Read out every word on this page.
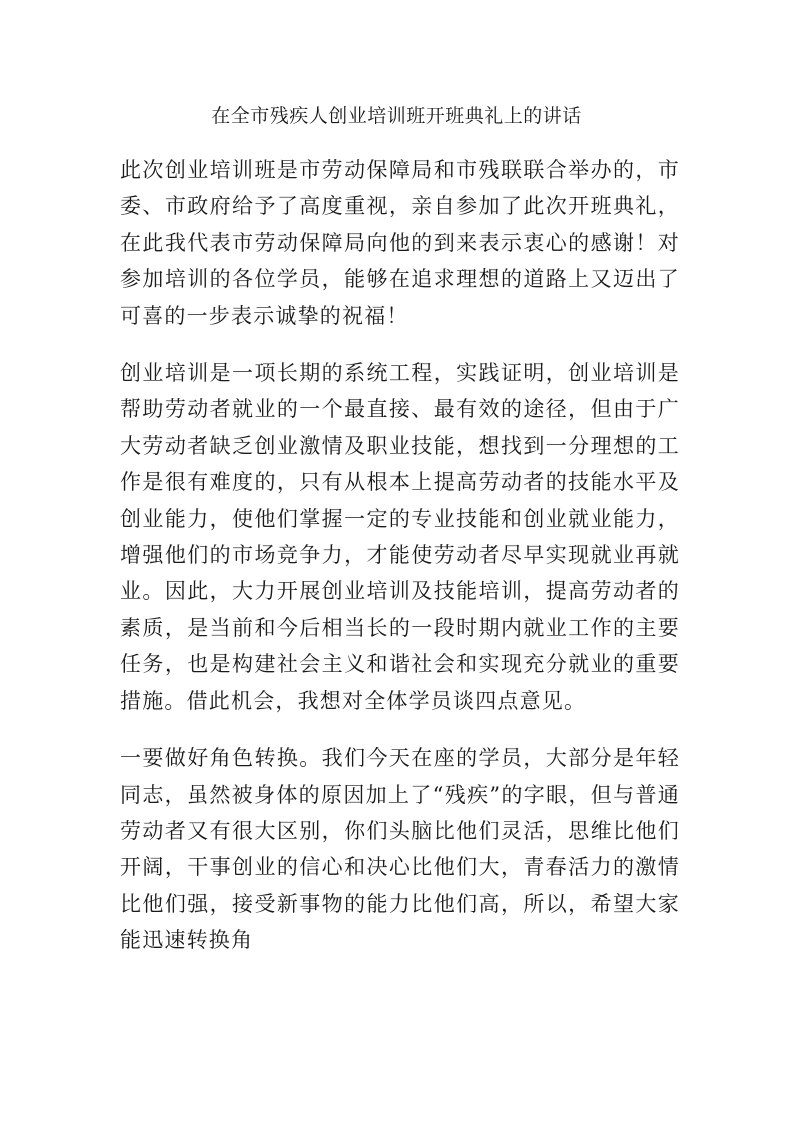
在全市残疾人创业培训班开班典礼上的讲话

此次创业培训班是市劳动保障局和市残联联合举办的，市委、市政府给予了高度重视，亲自参加了此次开班典礼，在此我代表市劳动保障局向他的到来表示衷心的感谢！对参加培训的各位学员，能够在追求理想的道路上又迈出了可喜的一步表示诚挚的祝福！

创业培训是一项长期的系统工程，实践证明，创业培训是帮助劳动者就业的一个最直接、最有效的途径，但由于广大劳动者缺乏创业激情及职业技能，想找到一分理想的工作是很有难度的，只有从根本上提高劳动者的技能水平及创业能力，使他们掌握一定的专业技能和创业就业能力，增强他们的市场竞争力，才能使劳动者尽早实现就业再就业。因此，大力开展创业培训及技能培训，提高劳动者的素质，是当前和今后相当长的一段时期内就业工作的主要任务，也是构建社会主义和谐社会和实现充分就业的重要措施。借此机会，我想对全体学员谈四点意见。

一要做好角色转换。我们今天在座的学员，大部分是年轻同志，虽然被身体的原因加上了“残疾”的字眼，但与普通劳动者又有很大区别，你们头脑比他们灵活，思维比他们开阔，干事创业的信心和决心比他们大，青春活力的激情比他们强，接受新事物的能力比他们高，所以，希望大家能迅速转换角
